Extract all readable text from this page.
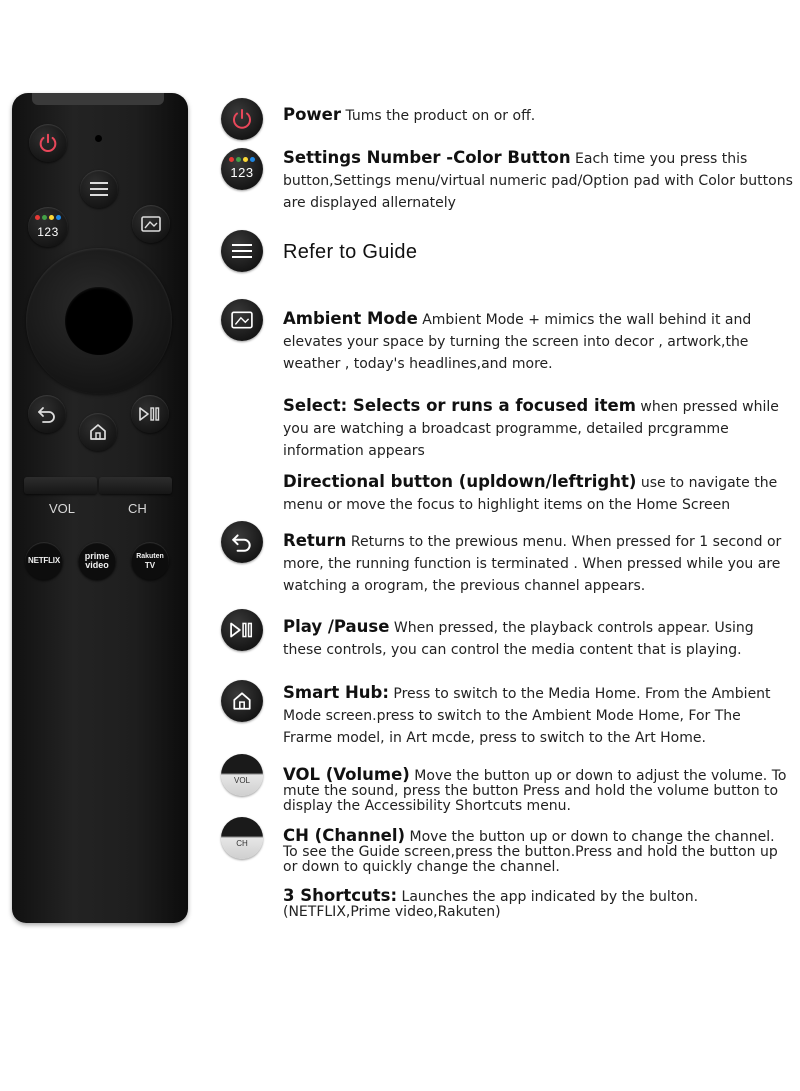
123
VOL	CH
NETFLIX	prime
video
Rakuten
TV
123
VOL
CH
Power Tums the product on or off.
Settings Number -Color Button Each time you press this button,Settings menu/virtual numeric pad/Option pad with Color buttons are displayed allernately
Refer to Guide
Ambient Mode Ambient Mode + mimics the wall behind it and elevates your space by turning the screen into decor , artwork,the weather , today's headlines,and more.
Select: Selects or runs a focused item when pressed while you are watching a broadcast programme, detailed prcgramme information appears
Directional button (upldown/leftright) use to navigate the menu or move the focus to highlight items on the Home Screen
Return Returns to the prewious menu. When pressed for 1 second or more, the running function is terminated . When pressed while you are watching a orogram, the previous channel appears.
Play /Pause When pressed, the playback controls appear. Using these controls, you can control the media content that is playing.
Smart Hub: Press to switch to the Media Home. From the Ambient Mode screen.press to switch to the Ambient Mode Home, For The Frarme model, in Art mcde, press to switch to the Art Home.
VOL (Volume) Move the button up or down to adjust the volume. To mute the sound, press the button Press and hold the volume button to display the Accessibility Shortcuts menu.
CH (Channel) Move the button up or down to change the channel. To see the Guide screen,press the button.Press and hold the button up or down to quickly change the channel.
3 Shortcuts: Launches the app indicated by the bulton. (NETFLIX,Prime video,Rakuten)
